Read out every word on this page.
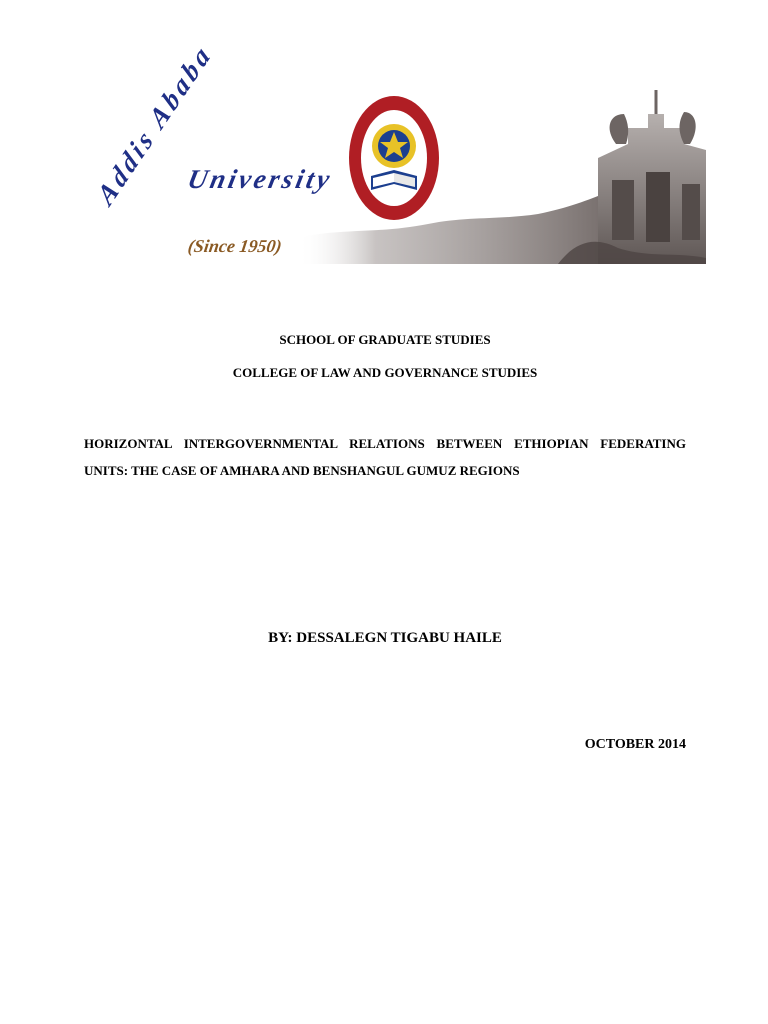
Addis Ababa
University
(Since 1950)
SCHOOL OF GRADUATE STUDIES
COLLEGE OF LAW AND GOVERNANCE STUDIES
HORIZONTAL INTERGOVERNMENTAL RELATIONS BETWEEN ETHIOPIAN FEDERATING UNITS: THE CASE OF AMHARA AND BENSHANGUL GUMUZ REGIONS
BY: DESSALEGN TIGABU HAILE
OCTOBER 2014
